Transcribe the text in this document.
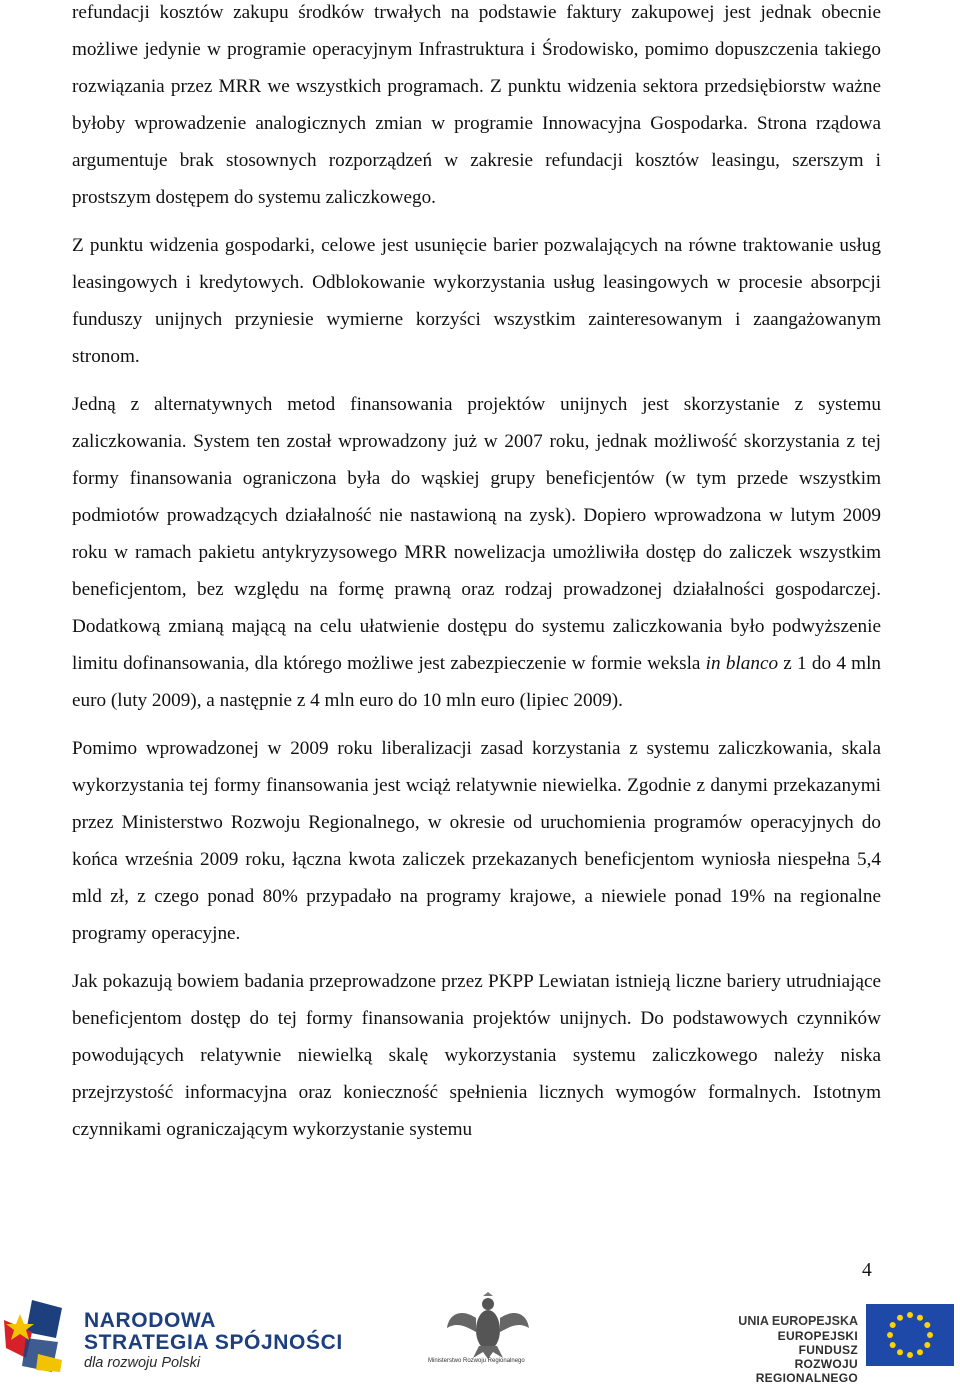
refundacji kosztów zakupu środków trwałych na podstawie faktury zakupowej jest jednak obecnie możliwe jedynie w programie operacyjnym Infrastruktura i Środowisko, pomimo dopuszczenia takiego rozwiązania przez MRR we wszystkich programach. Z punktu widzenia sektora przedsiębiorstw ważne byłoby wprowadzenie analogicznych zmian w programie Innowacyjna Gospodarka. Strona rządowa argumentuje brak stosownych rozporządzeń w zakresie refundacji kosztów leasingu, szerszym i prostszym dostępem do systemu zaliczkowego.

Z punktu widzenia gospodarki, celowe jest usunięcie barier pozwalających na równe traktowanie usług leasingowych i kredytowych. Odblokowanie wykorzystania usług leasingowych w procesie absorpcji funduszy unijnych przyniesie wymierne korzyści wszystkim zainteresowanym i zaangażowanym stronom.

Jedną z alternatywnych metod finansowania projektów unijnych jest skorzystanie z systemu zaliczkowania. System ten został wprowadzony już w 2007 roku, jednak możliwość skorzystania z tej formy finansowania ograniczona była do wąskiej grupy beneficjentów (w tym przede wszystkim podmiotów prowadzących działalność nie nastawioną na zysk). Dopiero wprowadzona w lutym 2009 roku w ramach pakietu antykryzysowego MRR nowelizacja umożliwiła dostęp do zaliczek wszystkim beneficjentom, bez względu na formę prawną oraz rodzaj prowadzonej działalności gospodarczej. Dodatkową zmianą mającą na celu ułatwienie dostępu do systemu zaliczkowania było podwyższenie limitu dofinansowania, dla którego możliwe jest zabezpieczenie w formie weksla in blanco z 1 do 4 mln euro (luty 2009), a następnie z 4 mln euro do 10 mln euro (lipiec 2009).

Pomimo wprowadzonej w 2009 roku liberalizacji zasad korzystania z systemu zaliczkowania, skala wykorzystania tej formy finansowania jest wciąż relatywnie niewielka. Zgodnie z danymi przekazanymi przez Ministerstwo Rozwoju Regionalnego, w okresie od uruchomienia programów operacyjnych do końca września 2009 roku, łączna kwota zaliczek przekazanych beneficjentom wyniosła niespełna 5,4 mld zł, z czego ponad 80% przypadało na programy krajowe, a niewiele ponad 19% na regionalne programy operacyjne.

Jak pokazują bowiem badania przeprowadzone przez PKPP Lewiatan istnieją liczne bariery utrudniające beneficjentom dostęp do tej formy finansowania projektów unijnych. Do podstawowych czynników powodujących relatywnie niewielką skalę wykorzystania systemu zaliczkowego należy niska przejrzystość informacyjna oraz konieczność spełnienia licznych wymogów formalnych. Istotnym czynnikami ograniczającym wykorzystanie systemu

4
NARODOWA
STRATEGIA SPÓJNOŚCI
dla rozwoju Polski	Ministerstwo Rozwoju Regionalnego
UNIA EUROPEJSKA
EUROPEJSKI FUNDUSZ
ROZWOJU REGIONALNEGO
